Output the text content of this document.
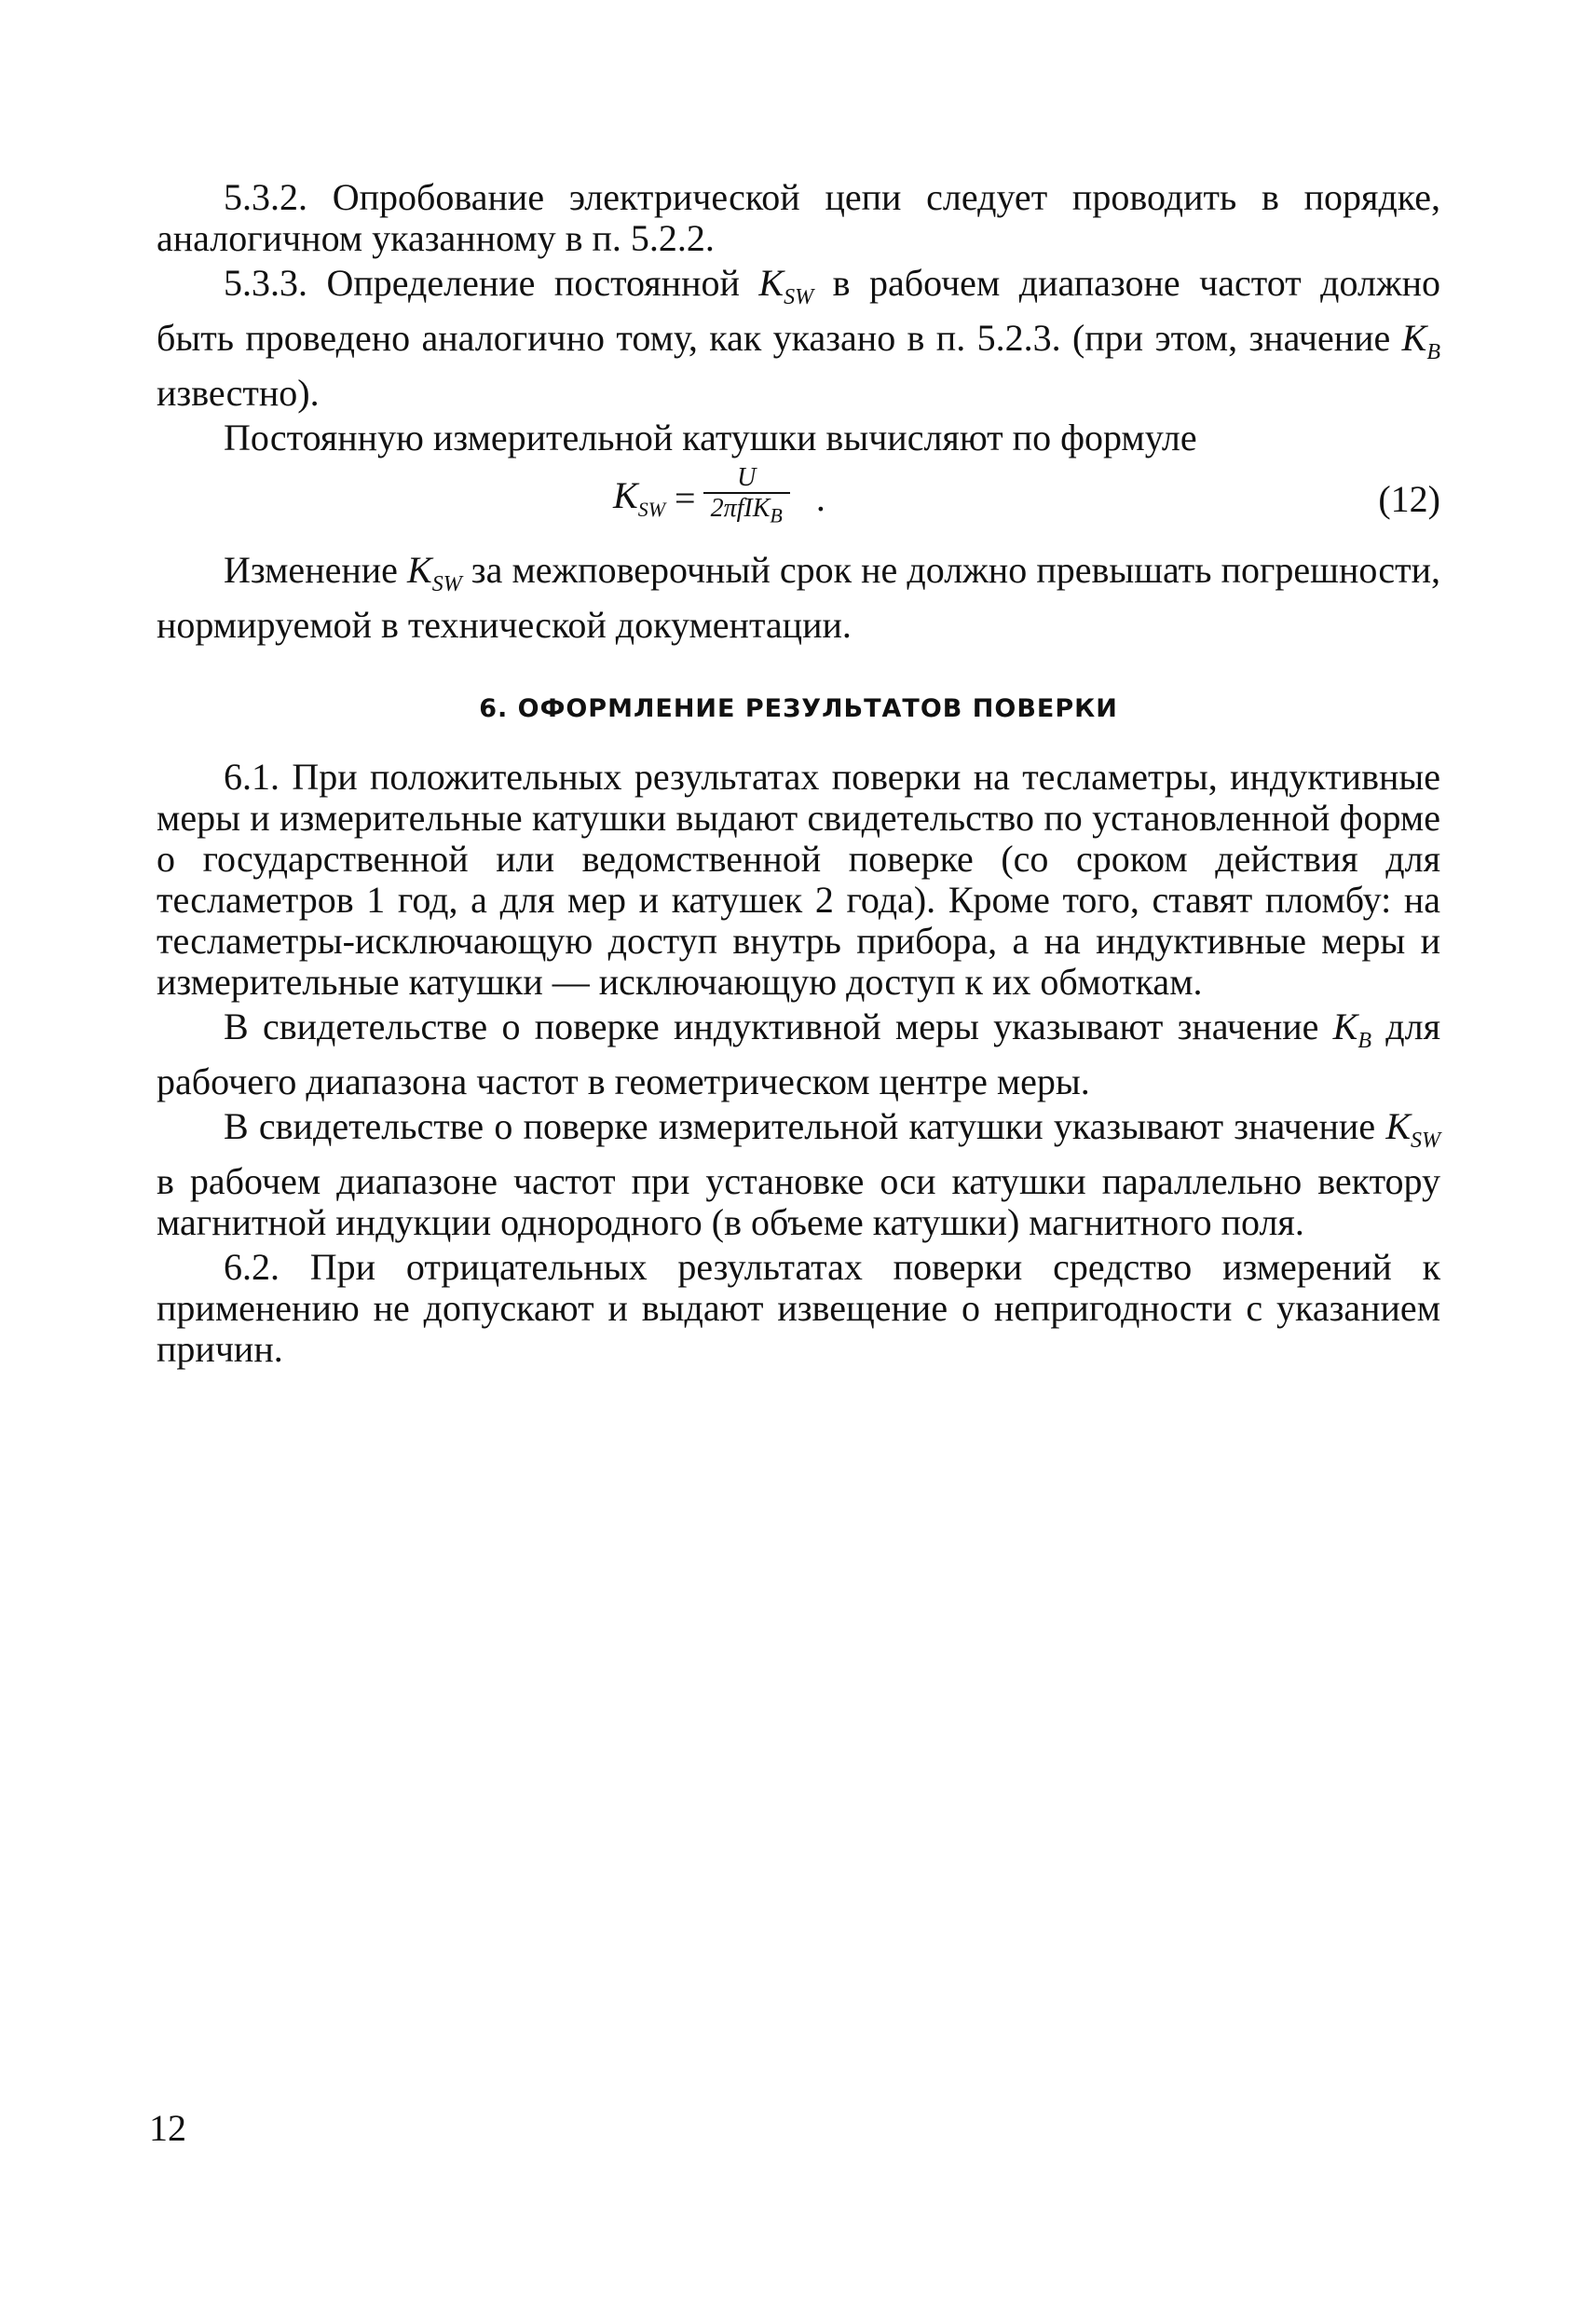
5.3.2. Опробование электрической цепи следует проводить в порядке, аналогичном указанному в п. 5.2.2.

5.3.3. Определение постоянной $K_{SW}$ в рабочем диапазоне частот должно быть проведено аналогично тому, как указано в п. 5.2.3. (при этом, значение $K_B$ известно).

Постоянную измерительной катушки вычисляют по формуле

$K_{SW} = \frac{U}{2\pi fIK_B}$ .	(12)

Изменение $K_{SW}$ за межповерочный срок не должно превышать погрешности, нормируемой в технической документации.

6. ОФОРМЛЕНИЕ РЕЗУЛЬТАТОВ ПОВЕРКИ

6.1. При положительных результатах поверки на тесламетры, индуктивные меры и измерительные катушки выдают свидетельство по установленной форме о государственной или ведомственной поверке (со сроком действия для тесламетров 1 год, а для мер и катушек 2 года). Кроме того, ставят пломбу: на тесламетры-исключающую доступ внутрь прибора, а на индуктивные меры и измерительные катушки — исключающую доступ к их обмоткам.

В свидетельстве о поверке индуктивной меры указывают значение $K_B$ для рабочего диапазона частот в геометрическом центре меры.

В свидетельстве о поверке измерительной катушки указывают значение $K_{SW}$ в рабочем диапазоне частот при установке оси катушки параллельно вектору магнитной индукции однородного (в объеме катушки) магнитного поля.

6.2. При отрицательных результатах поверки средство измерений к применению не допускают и выдают извещение о непригодности с указанием причин.

12
